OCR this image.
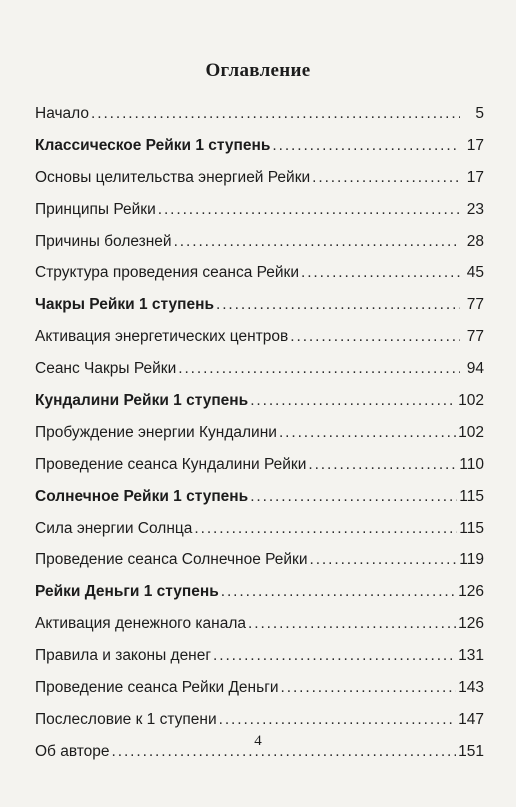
Оглавление
Начало . . .	5
Классическое Рейки 1 ступень . . .	17
Основы целительства энергией Рейки . . .	17
Принципы Рейки . . .	23
Причины болезней . . .	28
Структура проведения сеанса Рейки . . .	45
Чакры Рейки 1 ступень . . .	77
Активация энергетических центров . . .	77
Сеанс Чакры Рейки . . .	94
Кундалини Рейки 1 ступень . . .	102
Пробуждение энергии Кундалини . . .	102
Проведение сеанса Кундалини Рейки . . .	110
Солнечное Рейки 1 ступень . . .	115
Сила энергии Солнца . . .	115
Проведение сеанса Солнечное Рейки . . .	119
Рейки Деньги 1 ступень . . .	126
Активация денежного канала . . .	126
Правила и законы денег . . .	131
Проведение сеанса Рейки Деньги . . .	143
Послесловие к 1 ступени . . .	147
Об авторе . . .	151
4
